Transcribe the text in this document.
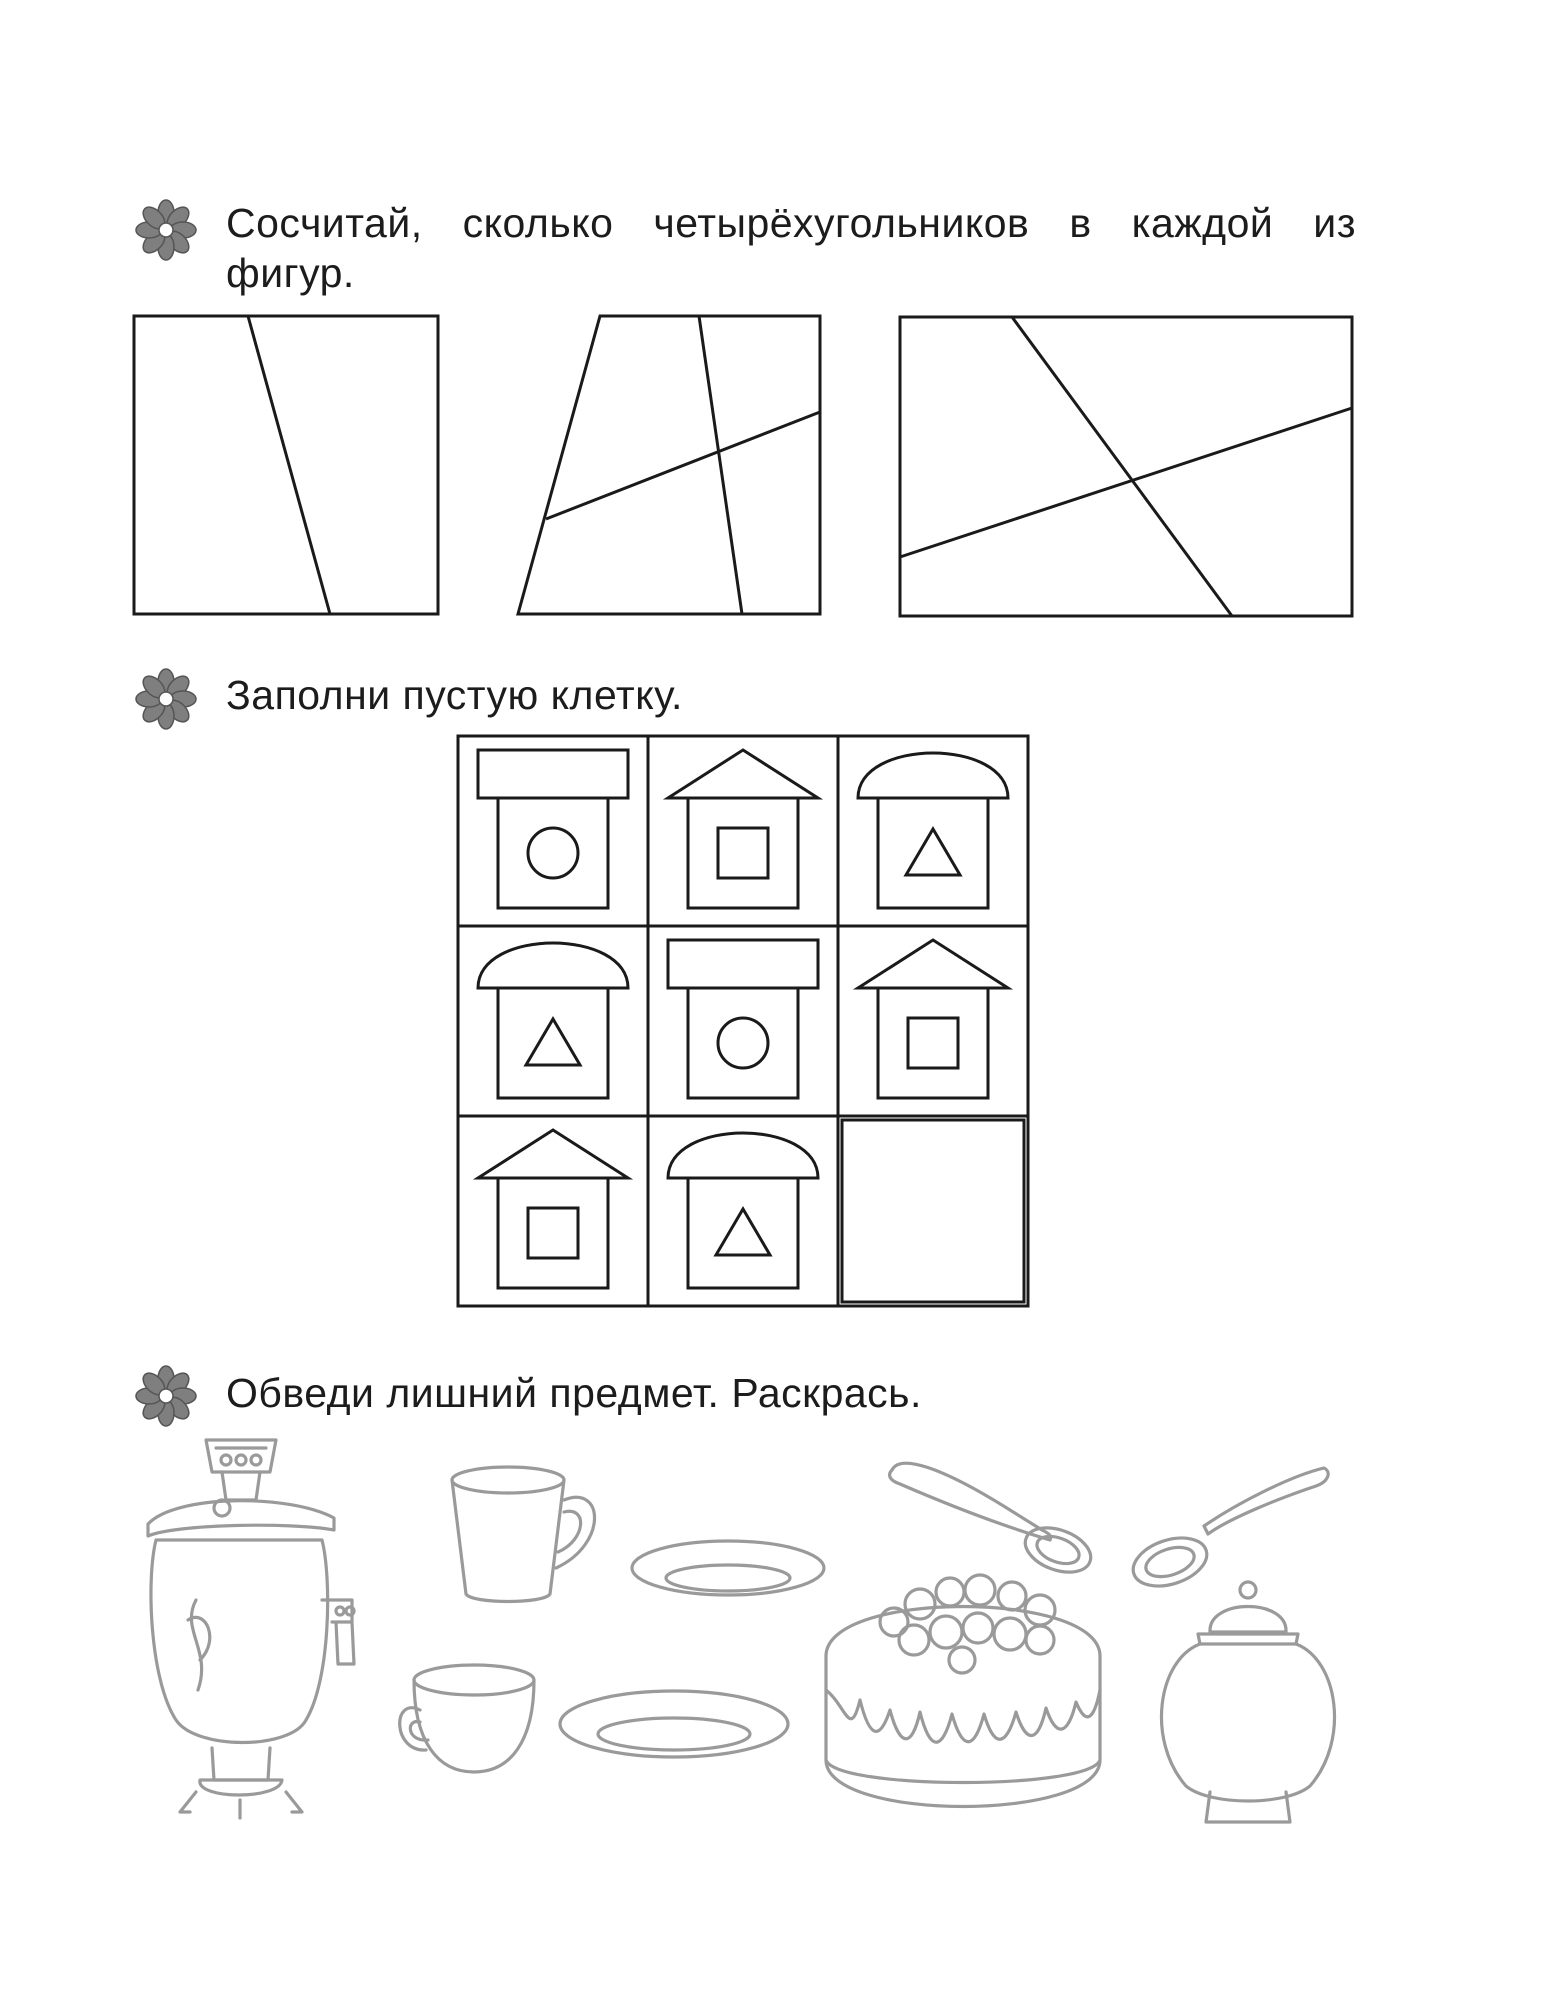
Сосчитай, сколько четырёхугольников в каждой из фигур.
Заполни пустую клетку.
Обведи лишний предмет. Раскрась.
